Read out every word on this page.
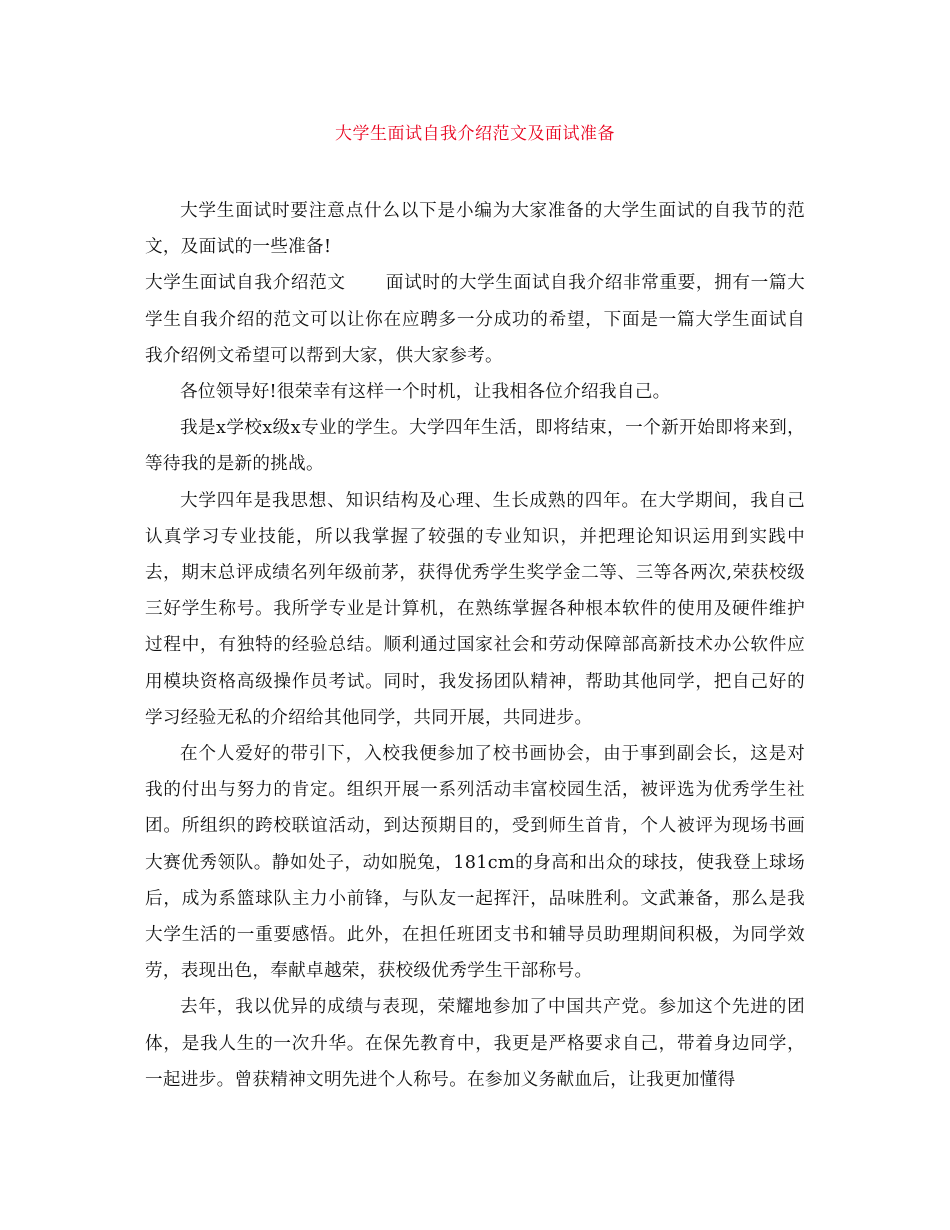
大学生面试自我介绍范文及面试准备

大学生面试时要注意点什么以下是小编为大家准备的大学生面试的自我节的范文，及面试的一些准备!

大学生面试自我介绍范文 面试时的大学生面试自我介绍非常重要，拥有一篇大学生自我介绍的范文可以让你在应聘多一分成功的希望，下面是一篇大学生面试自我介绍例文希望可以帮到大家，供大家参考。

各位领导好!很荣幸有这样一个时机，让我相各位介绍我自己。

我是x学校x级x专业的学生。大学四年生活，即将结束，一个新开始即将来到，等待我的是新的挑战。

大学四年是我思想、知识结构及心理、生长成熟的四年。在大学期间，我自己认真学习专业技能，所以我掌握了较强的专业知识，并把理论知识运用到实践中去，期末总评成绩名列年级前茅，获得优秀学生奖学金二等、三等各两次,荣获校级三好学生称号。我所学专业是计算机，在熟练掌握各种根本软件的使用及硬件维护过程中，有独特的经验总结。顺利通过国家社会和劳动保障部高新技术办公软件应用模块资格高级操作员考试。同时，我发扬团队精神，帮助其他同学，把自己好的学习经验无私的介绍给其他同学，共同开展，共同进步。

在个人爱好的带引下，入校我便参加了校书画协会，由于事到副会长，这是对我的付出与努力的肯定。组织开展一系列活动丰富校园生活，被评选为优秀学生社团。所组织的跨校联谊活动，到达预期目的，受到师生首肯，个人被评为现场书画大赛优秀领队。静如处子，动如脱兔，181cm的身高和出众的球技，使我登上球场后，成为系篮球队主力小前锋，与队友一起挥汗，品味胜利。文武兼备，那么是我大学生活的一重要感悟。此外，在担任班团支书和辅导员助理期间积极，为同学效劳，表现出色，奉献卓越荣，获校级优秀学生干部称号。

去年，我以优异的成绩与表现，荣耀地参加了中国共产党。参加这个先进的团体，是我人生的一次升华。在保先教育中，我更是严格要求自己，带着身边同学，一起进步。曾获精神文明先进个人称号。在参加义务献血后，让我更加懂得
